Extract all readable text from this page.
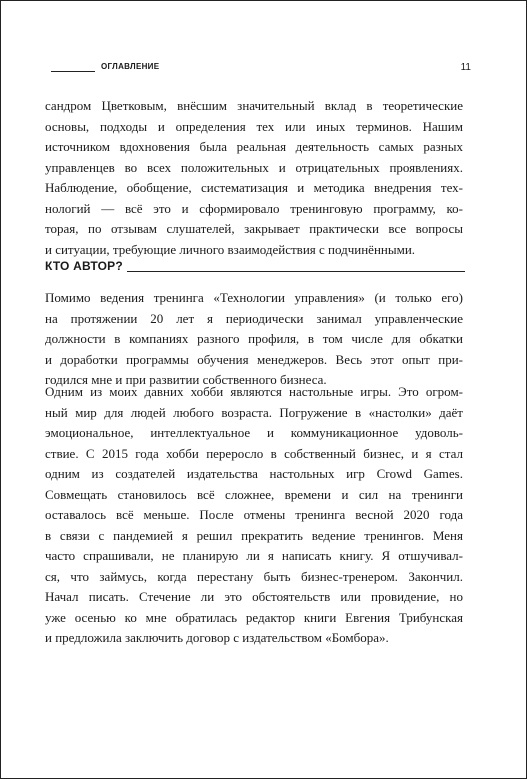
ОГЛАВЛЕНИЕ	11
сандром Цветковым, внёсшим значительный вклад в теоретические
основы, подходы и определения тех или иных терминов. Нашим
источником вдохновения была реальная деятельность самых разных
управленцев во всех положительных и отрицательных проявлениях.
Наблюдение, обобщение, систематизация и методика внедрения тех-
нологий — всё это и сформировало тренинговую программу, ко-
торая, по отзывам слушателей, закрывает практически все вопросы
и ситуации, требующие личного взаимодействия с подчинёнными.
КТО АВТОР?
Помимо ведения тренинга «Технологии управления» (и только его)
на протяжении 20 лет я периодически занимал управленческие
должности в компаниях разного профиля, в том числе для обкатки
и доработки программы обучения менеджеров. Весь этот опыт при-
годился мне и при развитии собственного бизнеса.
Одним из моих давних хобби являются настольные игры. Это огром-
ный мир для людей любого возраста. Погружение в «настолки» даёт
эмоциональное, интеллектуальное и коммуникационное удоволь-
ствие. С 2015 года хобби переросло в собственный бизнес, и я стал
одним из создателей издательства настольных игр Crowd Games.
Совмещать становилось всё сложнее, времени и сил на тренинги
оставалось всё меньше. После отмены тренинга весной 2020 года
в связи с пандемией я решил прекратить ведение тренингов. Меня
часто спрашивали, не планирую ли я написать книгу. Я отшучивал-
ся, что займусь, когда перестану быть бизнес-тренером. Закончил.
Начал писать. Стечение ли это обстоятельств или провидение, но
уже осенью ко мне обратилась редактор книги Евгения Трибунская
и предложила заключить договор с издательством «Бомбора».
